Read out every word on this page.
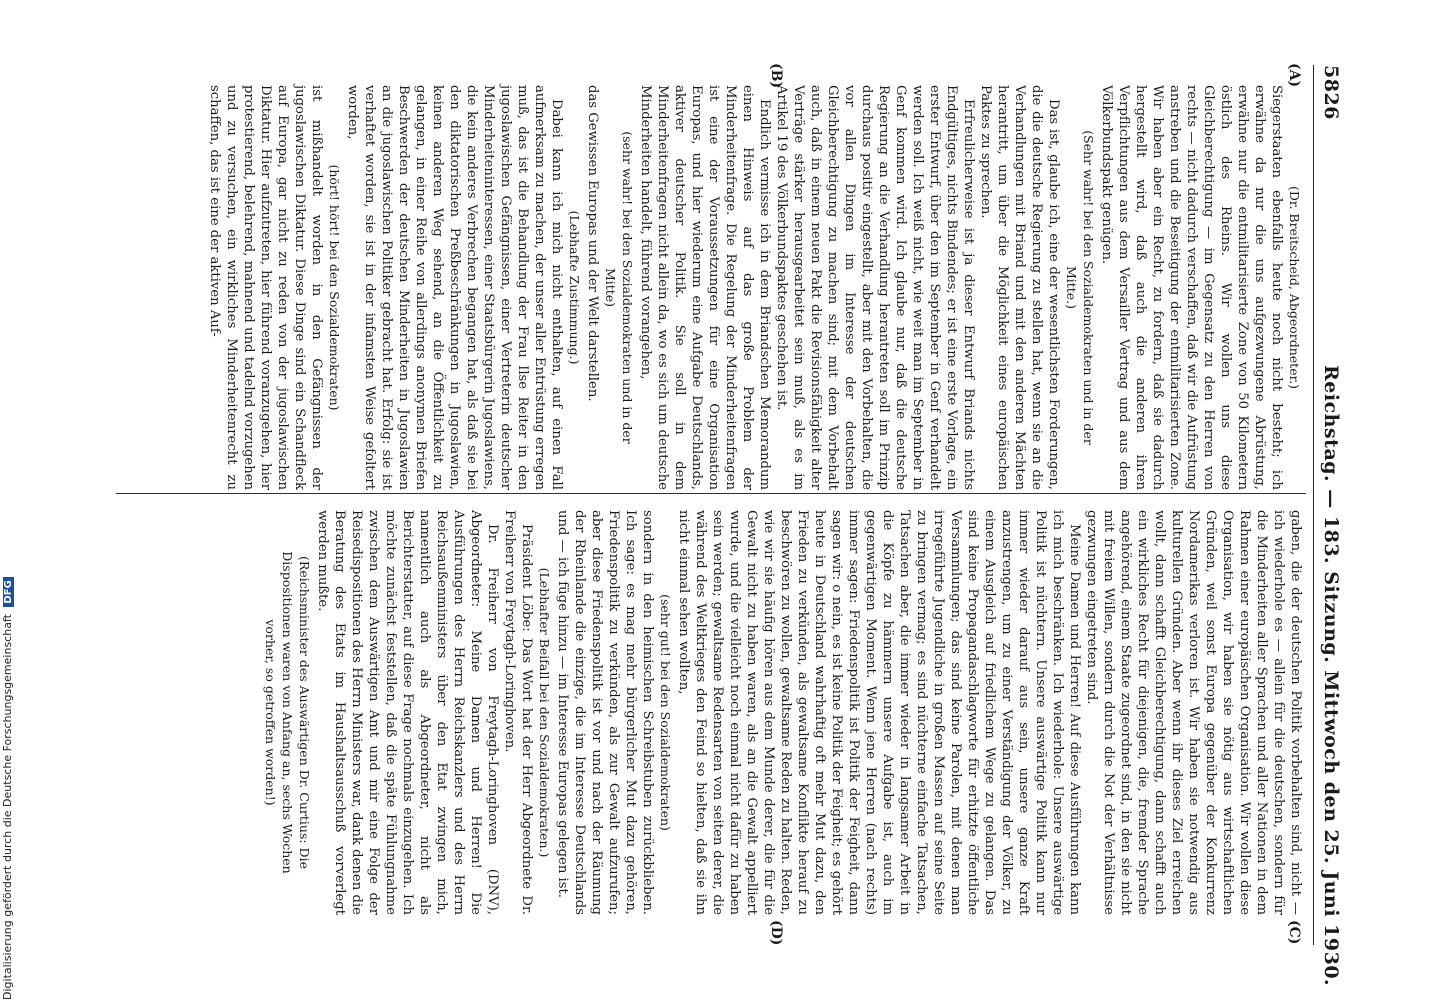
5826
Reichstag. — 183. Sitzung. Mittwoch den 25. Juni 1930.
(A)
(B)
(C)
(D)

(Dr. Breitscheid, Abgeordneter.)

Siegerstaaten ebenfalls heute noch nicht besteht; ich erwähne da nur die uns aufgezwungene Abrüstung, erwähne nur die entmilitarisierte Zone von 50 Kilometern östlich des Rheins. Wir wollen uns diese Gleichberechtigung — im Gegensatz zu den Herren von rechts — nicht dadurch verschaffen, daß wir die Aufrüstung anstreben und die Beseitigung der entmilitarisierten Zone. Wir haben aber ein Recht, zu fordern, daß sie dadurch hergestellt wird, daß auch die anderen ihren Verpflichtungen aus dem Versailler Vertrag und aus dem Völkerbundspakt genügen.

(Sehr wahr! bei den Sozialdemokraten und in der Mitte.)

Das ist, glaube ich, eine der wesentlichsten Forderungen, die die deutsche Regierung zu stellen hat, wenn sie an die Verhandlungen mit Briand und mit den anderen Mächten herantritt, um über die Möglichkeit eines europäischen Paktes zu sprechen.

Erfreulicherweise ist ja dieser Entwurf Briands nichts Endgültiges, nichts Bindendes; er ist eine erste Vorlage, ein erster Entwurf, über den im September in Genf verhandelt werden soll. Ich weiß nicht, wie weit man im September in Genf kommen wird. Ich glaube nur, daß die deutsche Regierung an die Verhandlung herantreten soll im Prinzip durchaus positiv eingestellt, aber mit den Vorbehalten, die vor allen Dingen im Interesse der deutschen Gleichberechtigung zu machen sind; mit dem Vorbehalt auch, daß in einem neuen Pakt die Revisionsfähigkeit alter Verträge stärker herausgearbeitet sein muß, als es im Artikel 19 des Völkerbundspaktes geschehen ist.

Endlich vermisse ich in dem Briandschen Memorandum einen Hinweis auf das große Problem der Minderheitenfrage. Die Regelung der Minderheitenfragen ist eine der Voraussetzungen für eine Organisation Europas, und hier wiederum eine Aufgabe Deutschlands, aktiver deutscher Politik. Sie soll in dem Minderheitenfragen nicht allein da, wo es sich um deutsche Minderheiten handelt, führend vorangehen,

(sehr wahr! bei den Sozialdemokraten und in der Mitte)

das Gewissen Europas und der Welt darstellen.

(Lebhafte Zustimmung.)

Dabei kann ich mich nicht enthalten, auf einen Fall aufmerksam zu machen, der unser aller Entrüstung erregen muß, das ist die Behandlung der Frau Ilse Reiter in den jugoslawischen Gefängnissen, einer Vertreterin deutscher Minderheiteninteressen, einer Staatsbürgerin Jugoslawiens, die kein anderes Verbrechen begangen hat, als daß sie bei den diktatorischen Preßbeschränkungen in Jugoslawien, keinen anderen Weg sehend, an die Öffentlichkeit zu gelangen, in einer Reihe von allerdings anonymen Briefen Beschwerden der deutschen Minderheiten in Jugoslawien an die jugoslawischen Politiker gebracht hat. Erfolg: sie ist verhaftet worden, sie ist in der infamsten Weise gefoltert worden,

(hört! hört! bei den Sozialdemokraten)

ist mißhandelt worden in den Gefängnissen der jugoslawischen Diktatur. Diese Dinge sind ein Schandfleck auf Europa, gar nicht zu reden von der jugoslawischen Diktatur. Hier aufzutreten, hier führend voranzugehen, hier protestierend, belehrend, mahnend und tadelnd vorzugehen und zu versuchen, ein wirkliches Minderheitenrecht zu schaffen, das ist eine der aktiven Auf-

gaben, die der deutschen Politik vorbehalten sind, nicht — ich wiederhole es — allein für die deutschen, sondern für die Minderheiten aller Sprachen und aller Nationen in dem Rahmen einer europäischen Organisation. Wir wollen diese Organisation, wir haben sie nötig aus wirtschaftlichen Gründen, weil sonst Europa gegenüber der Konkurrenz Nordamerikas verloren ist. Wir haben sie notwendig aus kulturellen Gründen. Aber wenn ihr dieses Ziel erreichen wollt, dann schafft Gleichberechtigung, dann schafft auch ein wirkliches Recht für diejenigen, die, fremder Sprache angehörend, einem Staate zugeordnet sind, in den sie nicht mit freiem Willen, sondern durch die Not der Verhältnisse gezwungen eingetreten sind.

Meine Damen und Herren! Auf diese Ausführungen kann ich mich beschränken. Ich wiederhole: Unsere auswärtige Politik ist nüchtern. Unsere auswärtige Politik kann nur immer wieder darauf aus sein, unsere ganze Kraft anzustrengen, um zu einer Verständigung der Völker, zu einem Ausgleich auf friedlichem Wege zu gelangen. Das sind keine Propagandaschlagworte für erhitzte öffentliche Versammlungen; das sind keine Parolen, mit denen man irregeführte Jugendliche in großen Massen auf seine Seite zu bringen vermag; es sind nüchterne einfache Tatsachen, Tatsachen aber, die immer wieder in langsamer Arbeit in die Köpfe zu hämmern unsere Aufgabe ist, auch im gegenwärtigen Moment. Wenn jene Herren (nach rechts) immer sagen: Friedenspolitik ist Politik der Feigheit, dann sagen wir: o nein, es ist keine Politik der Feigheit; es gehört heute in Deutschland wahrhaftig oft mehr Mut dazu, den Frieden zu verkünden, als gewaltsame Konflikte herauf zu beschwören zu wollen, gewaltsame Reden zu halten. Reden, wie wir sie häufig hören aus dem Munde derer, die für die Gewalt nicht zu haben waren, als an die Gewalt appelliert wurde, und die vielleicht noch einmal nicht dafür zu haben sein werden; gewaltsame Redensarten von seiten derer, die während des Weltkrieges den Feind so hielten, daß sie ihn nicht einmal sehen wollten,

(sehr gut! bei den Sozialdemokraten)

sondern in den heimischen Schreibstuben zurückblieben. Ich sage: es mag mehr bürgerlicher Mut dazu gehören, Friedenspolitik zu verkünden, als zur Gewalt aufzurufen; aber diese Friedenspolitik ist vor und nach der Räumung der Rheinlande die einzige, die im Interesse Deutschlands und — ich füge hinzu — im Interesse Europas gelegen ist.

(Lebhafter Beifall bei den Sozialdemokraten.)

Präsident Löbe: Das Wort hat der Herr Abgeordnete Dr. Freiherr von Freytagh-Loringhoven.

Dr. Freiherr von Freytagh-Loringhoven (DNV), Abgeordneter: Meine Damen und Herren! Die Ausführungen des Herrn Reichskanzlers und des Herrn Reichsaußenministers über den Etat zwingen mich, namentlich auch als Abgeordneter, nicht als Berichterstatter, auf diese Frage nochmals einzugehen. Ich möchte zunächst feststellen, daß die späte Fühlungnahme zwischen dem Auswärtigen Amt und mir eine Folge der Reisedispositionen des Herrn Ministers war, dank denen die Beratung des Etats im Haushaltsausschuß vorverlegt werden mußte.

(Reichsminister des Auswärtigen Dr. Curtius: Die Dispositionen waren von Anfang an, sechs Wochen vorher, so getroffen worden!)

Digitalisierung gefördert durch die Deutsche Forschungsgemeinschaft DFG
